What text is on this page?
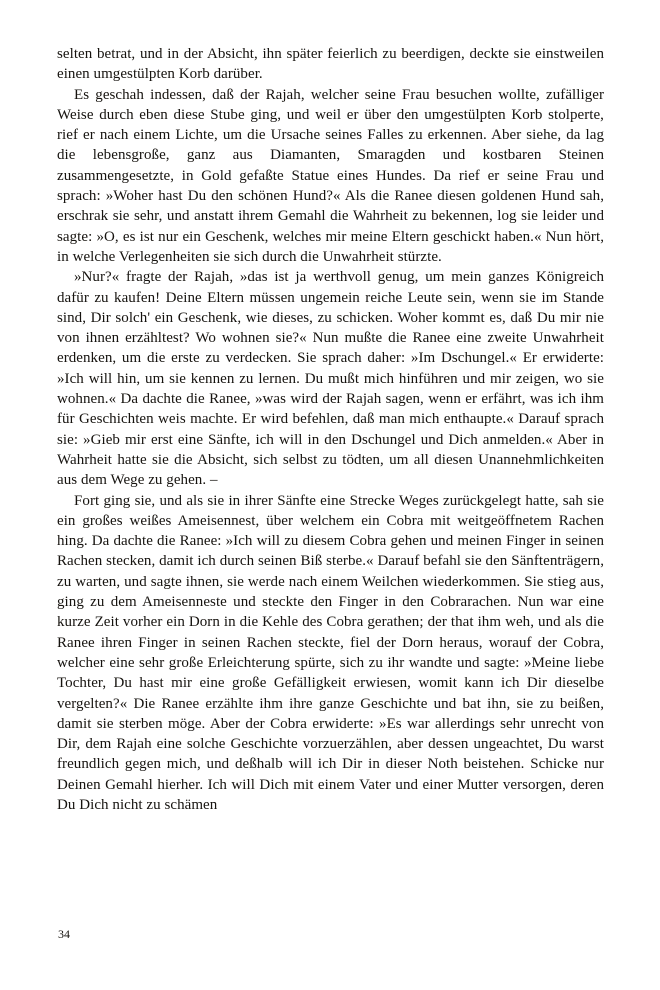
selten betrat, und in der Absicht, ihn später feierlich zu beerdigen, deckte sie einstweilen einen umgestülpten Korb darüber.

Es geschah indessen, daß der Rajah, welcher seine Frau besuchen wollte, zufälliger Weise durch eben diese Stube ging, und weil er über den umgestülpten Korb stolperte, rief er nach einem Lichte, um die Ursache seines Falles zu erkennen. Aber siehe, da lag die lebensgroße, ganz aus Diamanten, Smaragden und kostbaren Steinen zusammengesetzte, in Gold gefaßte Statue eines Hundes. Da rief er seine Frau und sprach: »Woher hast Du den schönen Hund?« Als die Ranee diesen goldenen Hund sah, erschrak sie sehr, und anstatt ihrem Gemahl die Wahrheit zu bekennen, log sie leider und sagte: »O, es ist nur ein Geschenk, welches mir meine Eltern geschickt haben.« Nun hört, in welche Verlegenheiten sie sich durch die Unwahrheit stürzte.

»Nur?« fragte der Rajah, »das ist ja werthvoll genug, um mein ganzes Königreich dafür zu kaufen! Deine Eltern müssen ungemein reiche Leute sein, wenn sie im Stande sind, Dir solch' ein Geschenk, wie dieses, zu schicken. Woher kommt es, daß Du mir nie von ihnen erzähltest? Wo wohnen sie?« Nun mußte die Ranee eine zweite Unwahrheit erdenken, um die erste zu verdecken. Sie sprach daher: »Im Dschungel.« Er erwiderte: »Ich will hin, um sie kennen zu lernen. Du mußt mich hinführen und mir zeigen, wo sie wohnen.« Da dachte die Ranee, »was wird der Rajah sagen, wenn er erfährt, was ich ihm für Geschichten weis machte. Er wird befehlen, daß man mich enthaupte.« Darauf sprach sie: »Gieb mir erst eine Sänfte, ich will in den Dschungel und Dich anmelden.« Aber in Wahrheit hatte sie die Absicht, sich selbst zu tödten, um all diesen Unannehmlichkeiten aus dem Wege zu gehen. –

Fort ging sie, und als sie in ihrer Sänfte eine Strecke Weges zurückgelegt hatte, sah sie ein großes weißes Ameisennest, über welchem ein Cobra mit weitgeöffnetem Rachen hing. Da dachte die Ranee: »Ich will zu diesem Cobra gehen und meinen Finger in seinen Rachen stecken, damit ich durch seinen Biß sterbe.« Darauf befahl sie den Sänftenträgern, zu warten, und sagte ihnen, sie werde nach einem Weilchen wiederkommen. Sie stieg aus, ging zu dem Ameisenneste und steckte den Finger in den Cobrarachen. Nun war eine kurze Zeit vorher ein Dorn in die Kehle des Cobra gerathen; der that ihm weh, und als die Ranee ihren Finger in seinen Rachen steckte, fiel der Dorn heraus, worauf der Cobra, welcher eine sehr große Erleichterung spürte, sich zu ihr wandte und sagte: »Meine liebe Tochter, Du hast mir eine große Gefälligkeit erwiesen, womit kann ich Dir dieselbe vergelten?« Die Ranee erzählte ihm ihre ganze Geschichte und bat ihn, sie zu beißen, damit sie sterben möge. Aber der Cobra erwiderte: »Es war allerdings sehr unrecht von Dir, dem Rajah eine solche Geschichte vorzuerzählen, aber dessen ungeachtet, Du warst freundlich gegen mich, und deßhalb will ich Dir in dieser Noth beistehen. Schicke nur Deinen Gemahl hierher. Ich will Dich mit einem Vater und einer Mutter versorgen, deren Du Dich nicht zu schämen

34
